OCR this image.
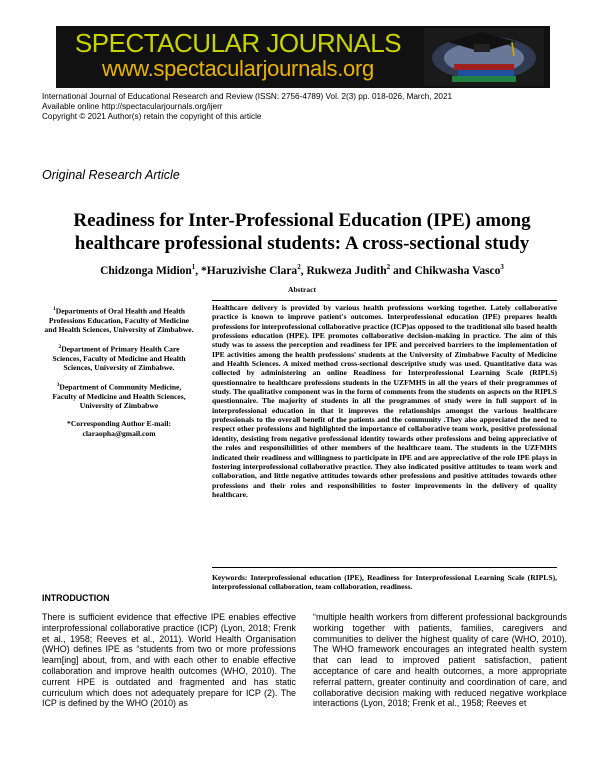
SPECTACULAR JOURNALS
www.spectacularjournals.org
International Journal of Educational Research and Review (ISSN: 2756-4789) Vol. 2(3) pp. 018-026, March, 2021
Available online http://spectacularjournals.org/ijerr
Copyright © 2021 Author(s) retain the copyright of this article
Original Research Article
Readiness for Inter-Professional Education (IPE) among healthcare professional students: A cross-sectional study
Chidzonga Midion$^1$, *Haruzivishe Clara$^2$, Rukweza Judith$^2$ and Chikwasha Vasco$^3$
Abstract
$^1$Departments of Oral Health and Health Professions Education, Faculty of Medicine and Health Sciences, University of Zimbabwe.
$^2$Department of Primary Health Care Sciences, Faculty of Medicine and Health Sciences, University of Zimbabwe.
$^3$Department of Community Medicine, Faculty of Medicine and Health Sciences, University of Zimbabwe
*Corresponding Author E-mail:
claraopha@gmail.com
Healthcare delivery is provided by various health professions working together. Lately collaborative practice is known to improve patient's outcomes. Interprofessional education (IPE) prepares health professions for interprofessional collaborative practice (ICP)as opposed to the traditional silo based health professions education (HPE). IPE promotes collaborative decision-making in practice. The aim of this study was to assess the perception and readiness for IPE and perceived barriers to the implementation of IPE activities among the health professions' students at the University of Zimbabwe Faculty of Medicine and Health Sciences. A mixed method cross-sectional descriptive study was used. Quantitative data was collected by administering an online Readiness for Interprofessional Learning Scale (RIPLS) questionnaire to healthcare professions students in the UZFMHS in all the years of their programmes of study. The qualitative component was in the form of comments from the students on aspects on the RIPLS questionnaire. The majority of students in all the programmes of study were in full support of in interprofessional education in that it improves the relationships amongst the various healthcare professionals to the overall benefit of the patients and the community .They also appreciated the need to respect other professions and highlighted the importance of collaborative team work, positive professional identity, desisting from negative professional identity towards other professions and being appreciative of the roles and responsibilities of other members of the healthcare team. The students in the UZFMHS indicated their readiness and willingness to participate in IPE and are appreciative of the role IPE plays in fostering interprofessional collaborative practice. They also indicated positive attitudes to team work and collaboration, and little negative attitudes towards other professions and positive attitudes towards other professions and their roles and responsibilities to foster improvements in the delivery of quality healthcare.
Keywords: Interprofessional education (IPE), Readiness for Interprofessional Learning Scale (RIPLS), interprofessional collaboration, team collaboration, readiness.
INTRODUCTION
There is sufficient evidence that effective IPE enables effective interprofessional collaborative practice (ICP) (Lyon, 2018; Frenk et al., 1958; Reeves et al., 2011). World Health Organisation (WHO) defines IPE as “students from two or more professions learn[ing] about, from, and with each other to enable effective collaboration and improve health outcomes (WHO, 2010). The current HPE is outdated and fragmented and has static curriculum which does not adequately prepare for ICP (2). The ICP is defined by the WHO (2010) as
“multiple health workers from different professional backgrounds working together with patients, families, caregivers and communities to deliver the highest quality of care (WHO, 2010). The WHO framework encourages an integrated health system that can lead to improved patient satisfaction, patient acceptance of care and health outcomes, a more appropriate referral pattern, greater continuity and coordination of care, and collaborative decision making with reduced negative workplace interactions (Lyon, 2018; Frenk et al., 1958; Reeves et
